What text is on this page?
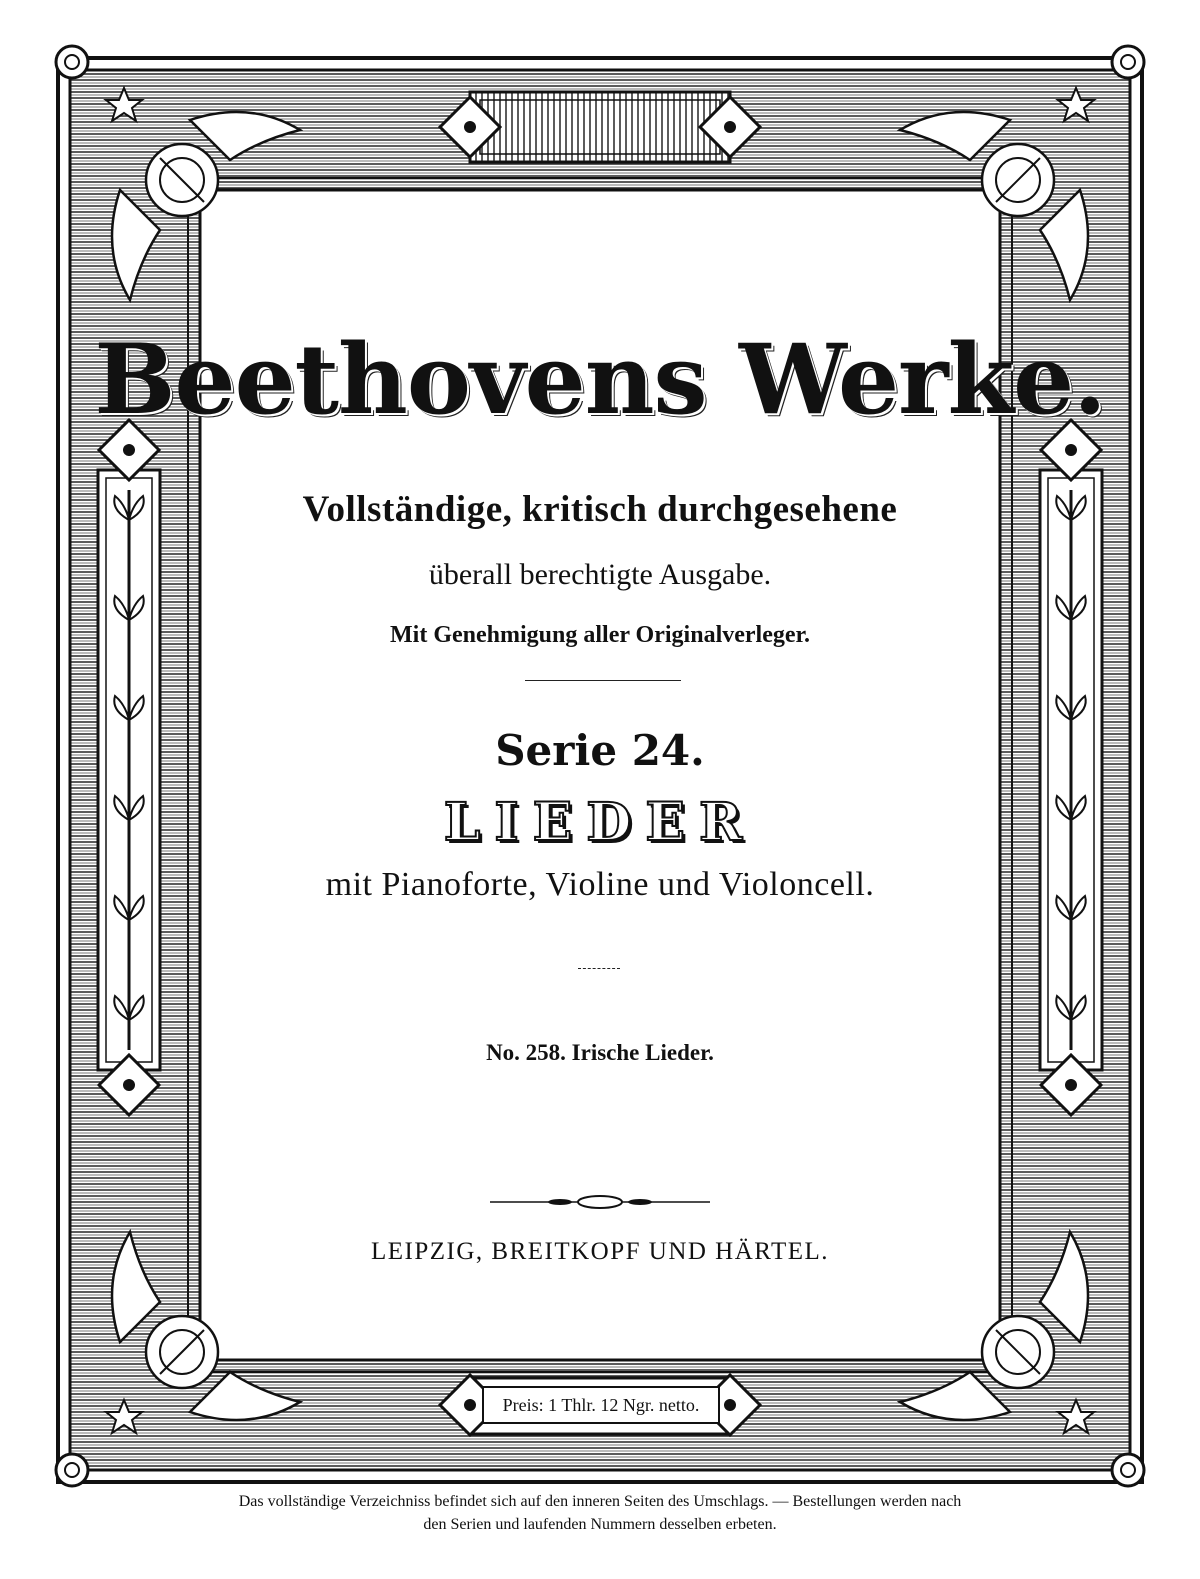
Beethovens Werke.
Vollständige, kritisch durchgesehene
überall berechtigte Ausgabe.
Mit Genehmigung aller Originalverleger.
Serie 24.
LIEDER
mit Pianoforte, Violine und Violoncell.
No. 258. Irische Lieder.
LEIPZIG, BREITKOPF UND HÄRTEL.
Preis: 1 Thlr. 12 Ngr. netto.
Das vollständige Verzeichniss befindet sich auf den inneren Seiten des Umschlags. — Bestellungen werden nach
den Serien und laufenden Nummern desselben erbeten.
